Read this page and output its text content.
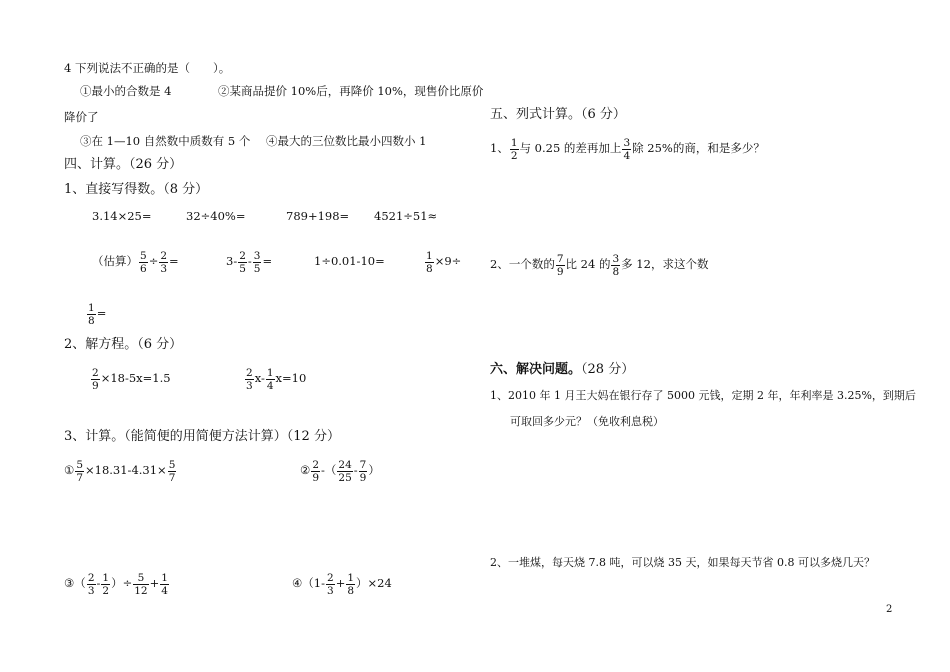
4 下列说法不正确的是（　　）。
①最小的合数是 4	②某商品提价 10%后，再降价 10%，现售价比原价
降价了
③在 1—10 自然数中质数有 5 个 ④最大的三位数比最小四数小 1
四、计算。（26 分）
1、直接写得数。（8 分）
3.14×25=	32÷40%=	789+198= 4521÷51≈
（估算） $\frac{5}{6} \div \frac{2}{3}$ =	$3- \frac{2}{5} - \frac{3}{5}$ =	1÷0.01-10=	$\frac{1}{8} \times 9\div$
$\frac{1}{8}$ =
2、解方程。（6 分）
$\frac{2}{9} \times 18-5x=1.5$	$\frac{2}{3} x- \frac{1}{4} x=10$
3、计算。（能简便的用简便方法计算）（12 分）
① $\frac{5}{7} \times 18.31-4.31\times \frac{5}{7}$	② $\frac{2}{9}$ -（ $\frac{24}{25} - \frac{7}{9}$ ）
③（ $\frac{2}{3} - \frac{1}{2}$ ）÷ $\frac{5}{12} + \frac{1}{4}$	④（1- $\frac{2}{3} + \frac{1}{8} )\times 24$
五、列式计算。（6 分）
1、 $\frac{1}{2}$ 与 0.25 的差再加上 $\frac{3}{4}$ 除 25%的商，和是多少？
2、一个数的 $\frac{7}{9}$ 比 24 的 $\frac{3}{8}$ 多 12，求这个数
六、解决问题。（28 分）
1、2010 年 1 月王大妈在银行存了 5000 元钱，定期 2 年，年利率是 3.25%，到期后
可取回多少元？（免收利息税）
2、一堆煤，每天烧 7.8 吨，可以烧 35 天，如果每天节省 0.8 可以多烧几天？
2
